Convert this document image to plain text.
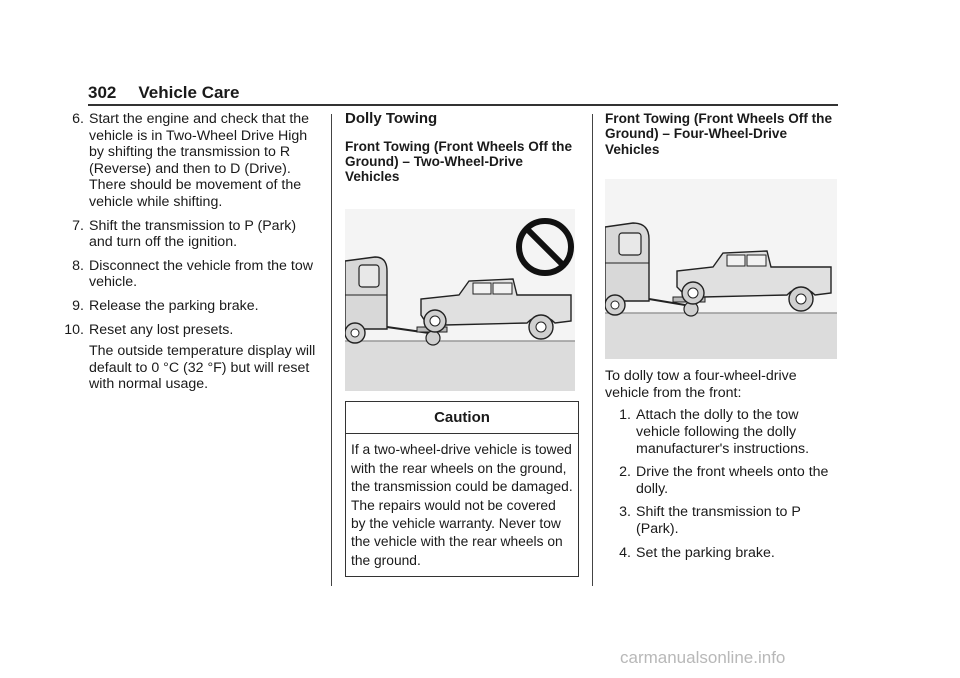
302 Vehicle Care
6. Start the engine and check that the vehicle is in Two-Wheel Drive High by shifting the transmission to R (Reverse) and then to D (Drive). There should be movement of the vehicle while shifting.
7. Shift the transmission to P (Park) and turn off the ignition.
8. Disconnect the vehicle from the tow vehicle.
9. Release the parking brake.
10. Reset any lost presets.
The outside temperature display will default to 0 °C (32 °F) but will reset with normal usage.
Dolly Towing
Front Towing (Front Wheels Off the Ground) – Two-Wheel-Drive Vehicles
Caution
If a two-wheel-drive vehicle is towed with the rear wheels on the ground, the transmission could be damaged. The repairs would not be covered by the vehicle warranty. Never tow the vehicle with the rear wheels on the ground.
Front Towing (Front Wheels Off the Ground) – Four-Wheel-Drive Vehicles
To dolly tow a four-wheel-drive vehicle from the front:
1. Attach the dolly to the tow vehicle following the dolly manufacturer's instructions.
2. Drive the front wheels onto the dolly.
3. Shift the transmission to P (Park).
4. Set the parking brake.
carmanualsonline.info
